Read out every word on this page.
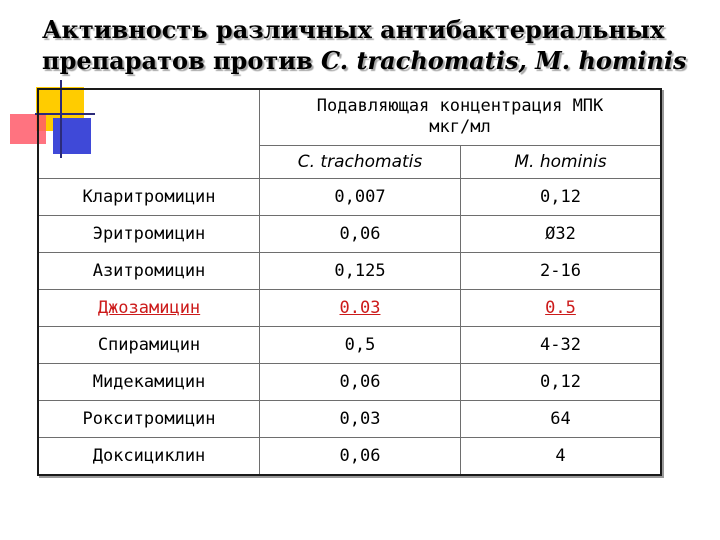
Активность различных антибактериальных
препаратов против C. trachomatis, M. hominis
	Подавляющая концентрация МПК
мкг/мл	
	C. trachomatis	M. hominis
Кларитромицин	0,007	0,12
Эритромицин	0,06	Ø32
Азитромицин	0,125	2-16
Джозамицин	0.03	0.5
Спирамицин	0,5	4-32
Мидекамицин	0,06	0,12
Рокситромицин	0,03	64
Доксициклин	0,06	4
